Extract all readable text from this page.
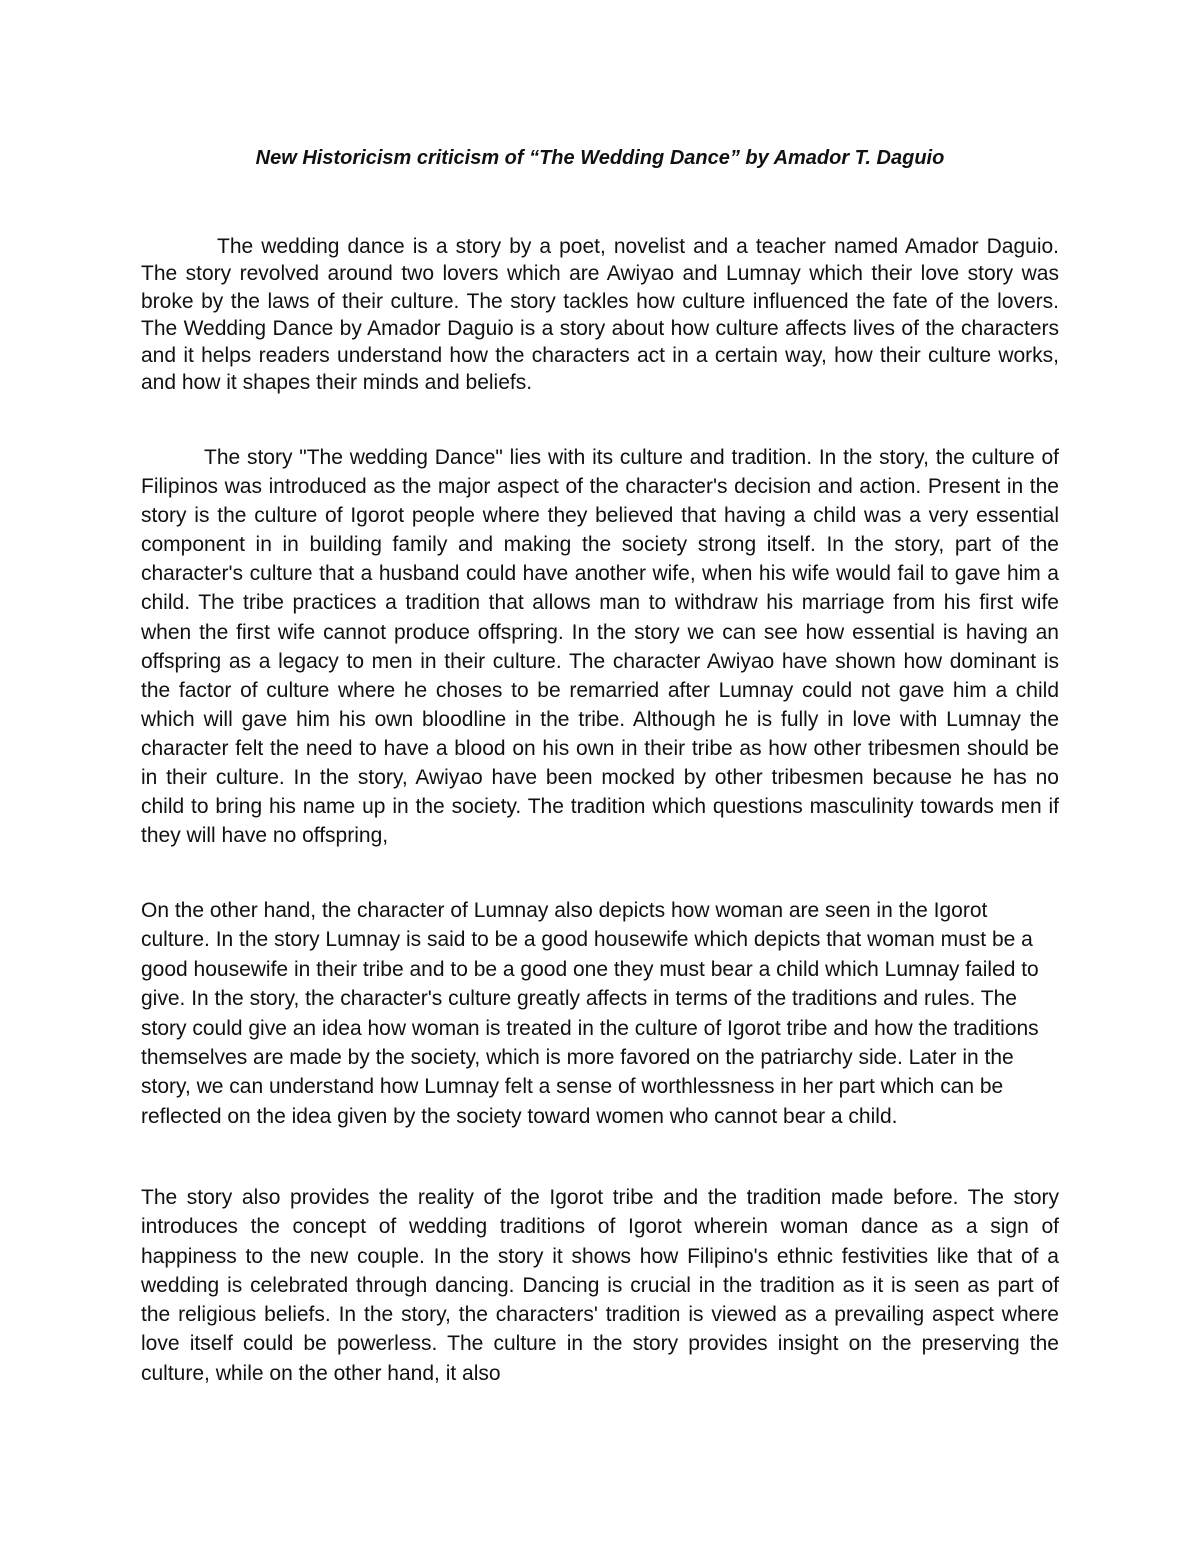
New Historicism criticism of “The Wedding Dance” by Amador T. Daguio

The wedding dance is a story by a poet, novelist and a teacher named Amador Daguio. The story revolved around two lovers which are Awiyao and Lumnay which their love story was broke by the laws of their culture. The story tackles how culture influenced the fate of the lovers. The Wedding Dance by Amador Daguio is a story about how culture affects lives of the characters and it helps readers understand how the characters act in a certain way, how their culture works, and how it shapes their minds and beliefs.

The story "The wedding Dance" lies with its culture and tradition. In the story, the culture of Filipinos was introduced as the major aspect of the character's decision and action. Present in the story is the culture of Igorot people where they believed that having a child was a very essential component in in building family and making the society strong itself. In the story, part of the character's culture that a husband could have another wife, when his wife would fail to gave him a child. The tribe practices a tradition that allows man to withdraw his marriage from his first wife when the first wife cannot produce offspring. In the story we can see how essential is having an offspring as a legacy to men in their culture. The character Awiyao have shown how dominant is the factor of culture where he choses to be remarried after Lumnay could not gave him a child which will gave him his own bloodline in the tribe. Although he is fully in love with Lumnay the character felt the need to have a blood on his own in their tribe as how other tribesmen should be in their culture. In the story, Awiyao have been mocked by other tribesmen because he has no child to bring his name up in the society. The tradition which questions masculinity towards men if they will have no offspring,

On the other hand, the character of Lumnay also depicts how woman are seen in the Igorot culture. In the story Lumnay is said to be a good housewife which depicts that woman must be a good housewife in their tribe and to be a good one they must bear a child which Lumnay failed to give. In the story, the character's culture greatly affects in terms of the traditions and rules. The story could give an idea how woman is treated in the culture of Igorot tribe and how the traditions themselves are made by the society, which is more favored on the patriarchy side. Later in the story, we can understand how Lumnay felt a sense of worthlessness in her part which can be reflected on the idea given by the society toward women who cannot bear a child.

The story also provides the reality of the Igorot tribe and the tradition made before. The story introduces the concept of wedding traditions of Igorot wherein woman dance as a sign of happiness to the new couple. In the story it shows how Filipino's ethnic festivities like that of a wedding is celebrated through dancing. Dancing is crucial in the tradition as it is seen as part of the religious beliefs. In the story, the characters' tradition is viewed as a prevailing aspect where love itself could be powerless. The culture in the story provides insight on the preserving the culture, while on the other hand, it also
